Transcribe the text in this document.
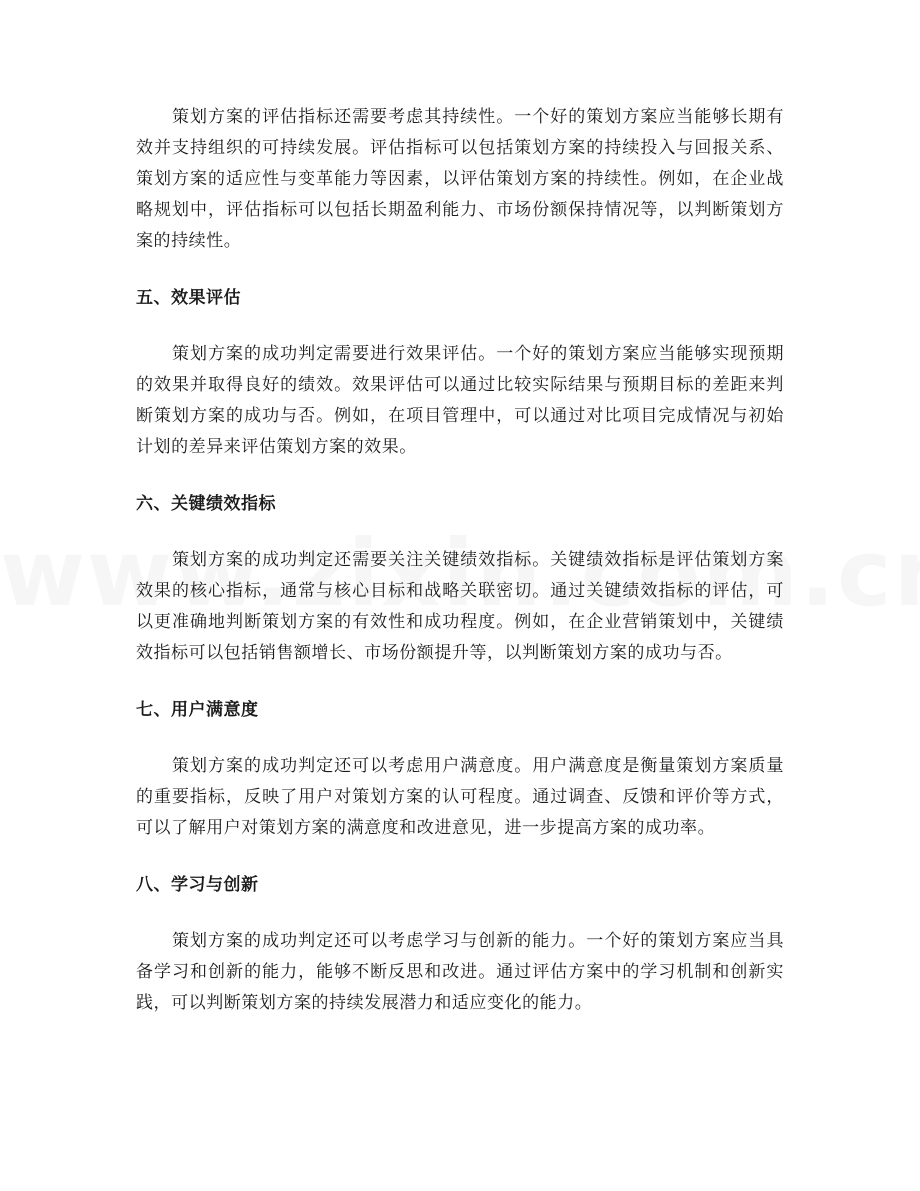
策划方案的评估指标还需要考虑其持续性。一个好的策划方案应当能够长期有效并支持组织的可持续发展。评估指标可以包括策划方案的持续投入与回报关系、策划方案的适应性与变革能力等因素，以评估策划方案的持续性。例如，在企业战略规划中，评估指标可以包括长期盈利能力、市场份额保持情况等，以判断策划方案的持续性。

五、效果评估

策划方案的成功判定需要进行效果评估。一个好的策划方案应当能够实现预期的效果并取得良好的绩效。效果评估可以通过比较实际结果与预期目标的差距来判断策划方案的成功与否。例如，在项目管理中，可以通过对比项目完成情况与初始计划的差异来评估策划方案的效果。

六、关键绩效指标

策划方案的成功判定还需要关注关键绩效指标。关键绩效指标是评估策划方案效果的核心指标，通常与核心目标和战略关联密切。通过关键绩效指标的评估，可以更准确地判断策划方案的有效性和成功程度。例如，在企业营销策划中，关键绩效指标可以包括销售额增长、市场份额提升等，以判断策划方案的成功与否。

七、用户满意度

策划方案的成功判定还可以考虑用户满意度。用户满意度是衡量策划方案质量的重要指标，反映了用户对策划方案的认可程度。通过调查、反馈和评价等方式，可以了解用户对策划方案的满意度和改进意见，进一步提高方案的成功率。

八、学习与创新

策划方案的成功判定还可以考虑学习与创新的能力。一个好的策划方案应当具备学习和创新的能力，能够不断反思和改进。通过评估方案中的学习机制和创新实践，可以判断策划方案的持续发展潜力和适应变化的能力。
